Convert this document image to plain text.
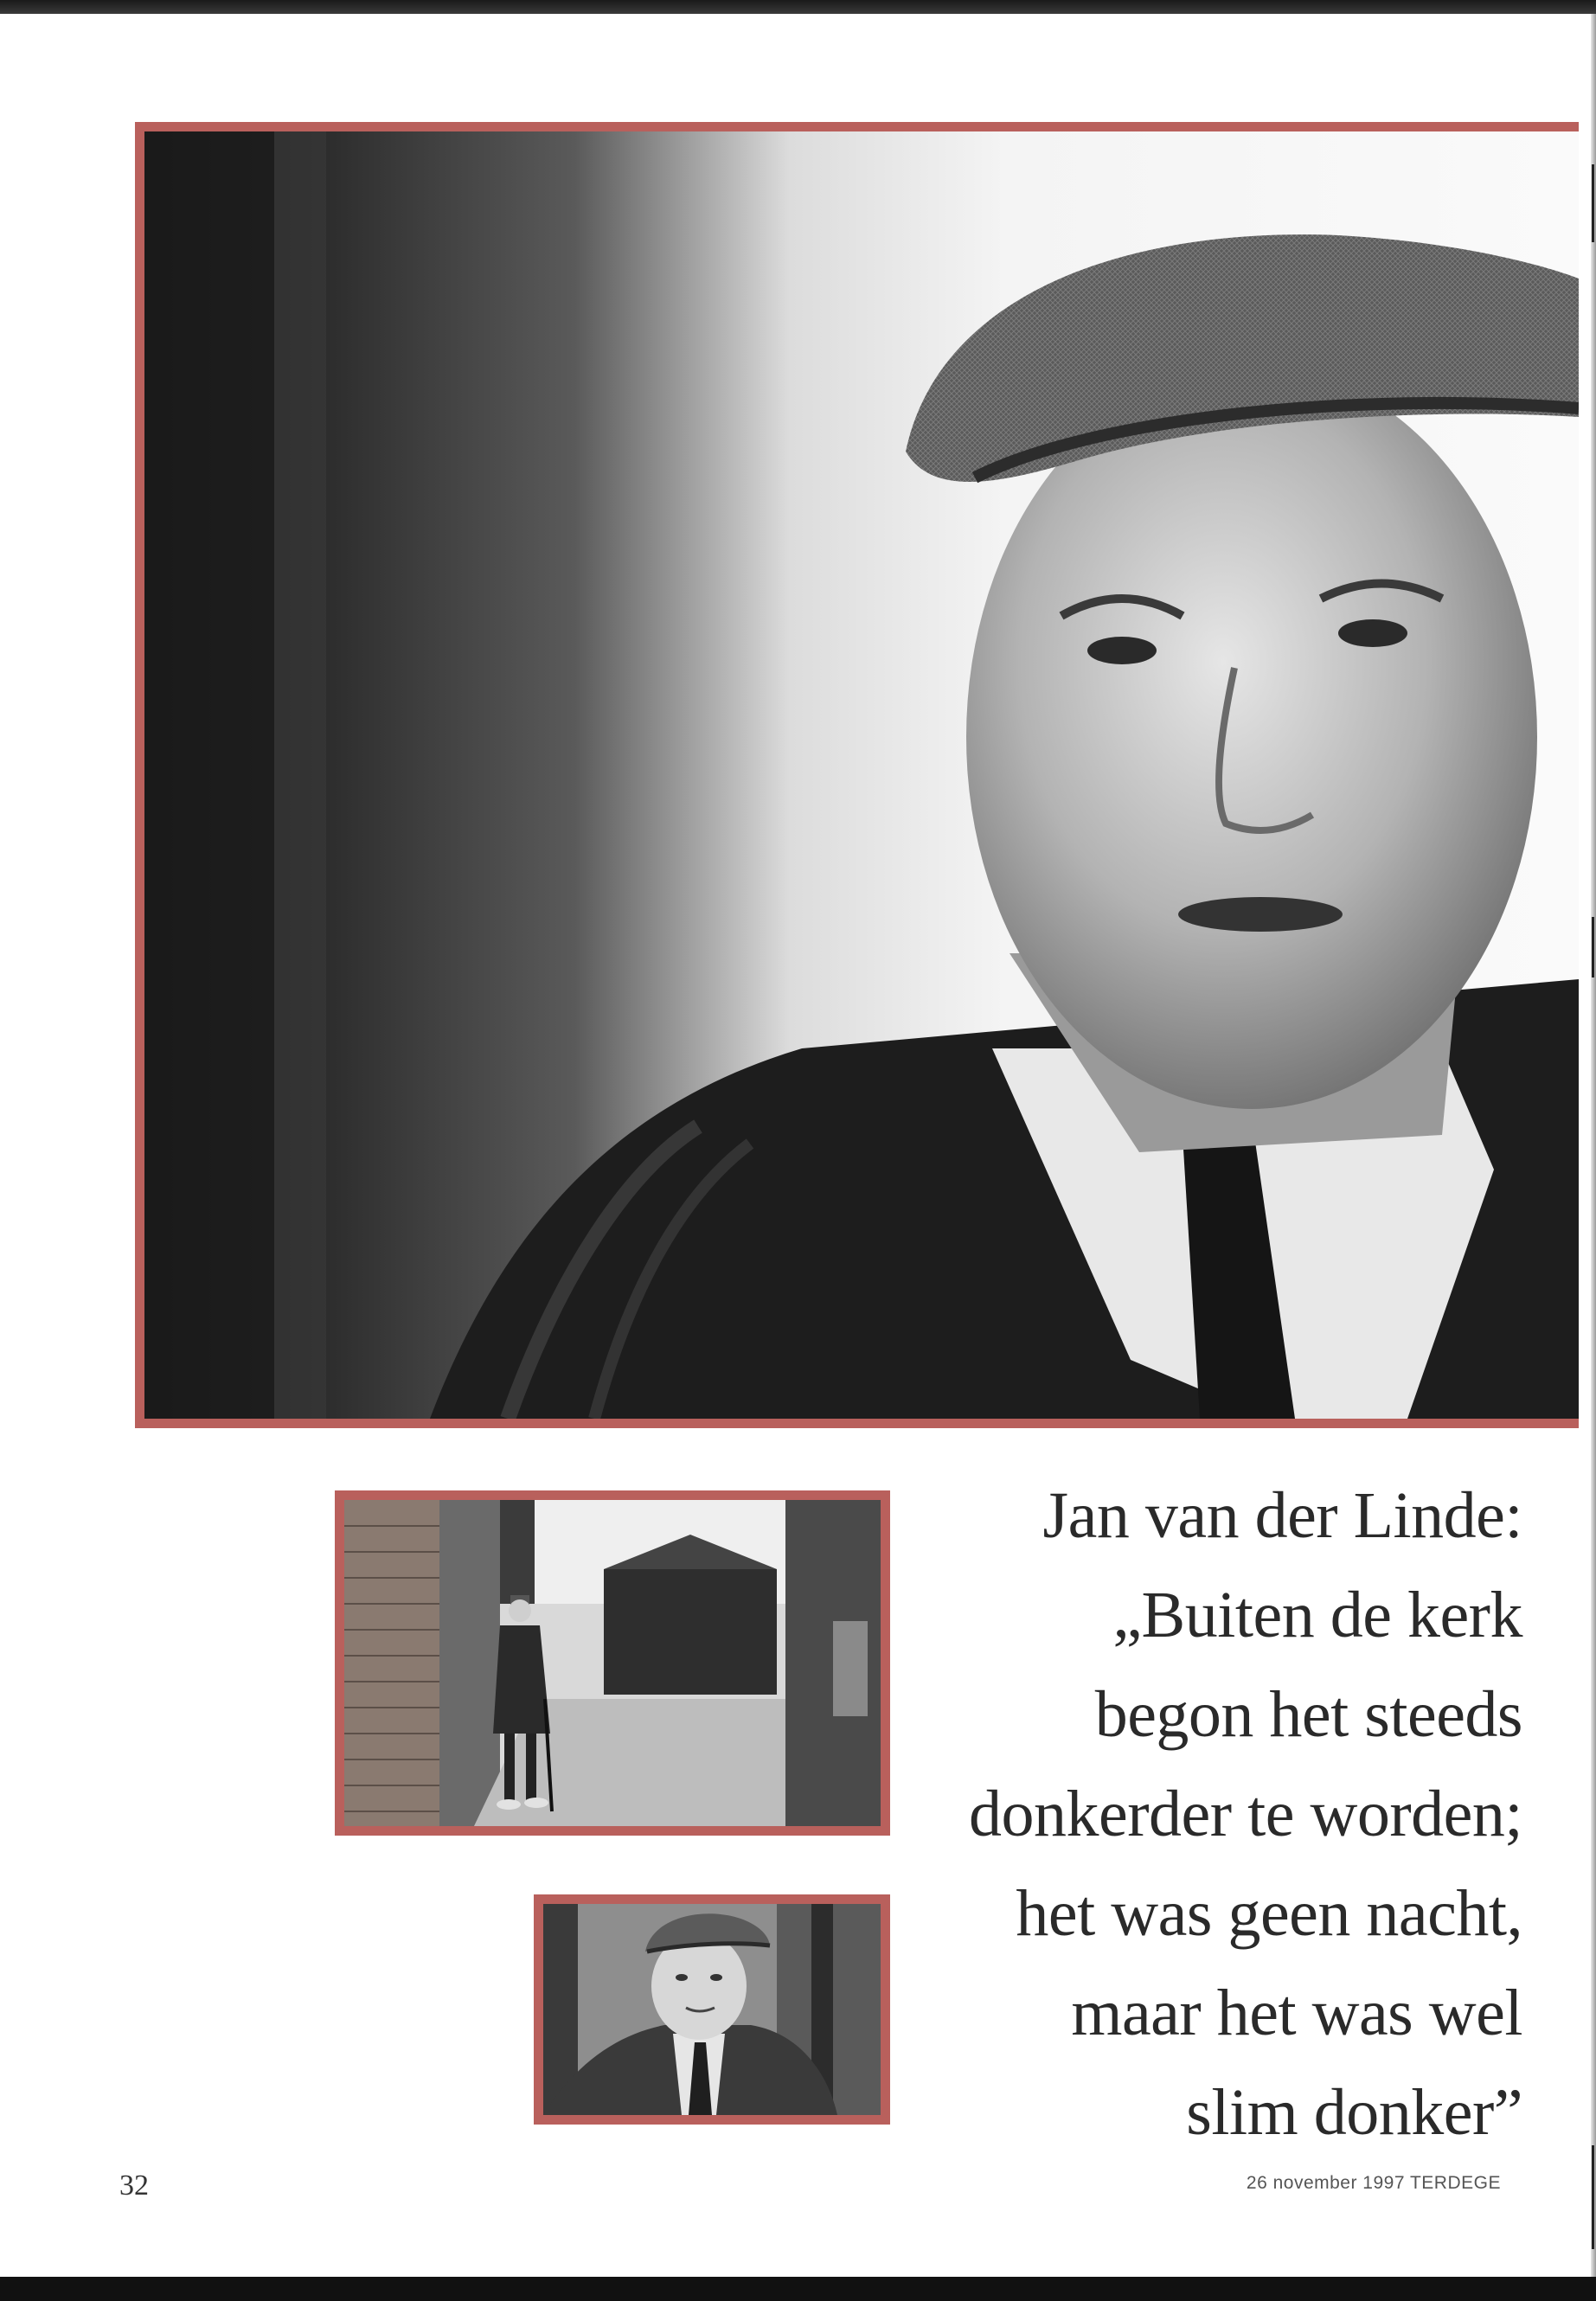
Jan van der Linde:
„Buiten de kerk
begon het steeds
donkerder te worden;
het was geen nacht,
maar het was wel
slim donker”
32	26 november 1997 TERDEGE
